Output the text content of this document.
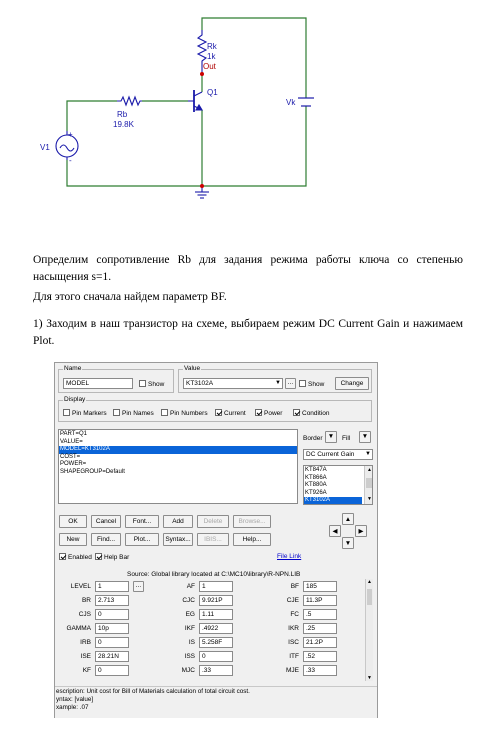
Rk
1k
Out
Q1
Rb
19.8K
V1
+
-
Vk
Определим сопротивление Rb для задания режима работы ключа со степенью насыщения s=1.
Для этого сначала найдем параметр BF.
1) Заходим в наш транзистор на схеме, выбираем режим DC Current Gain и нажимаем Plot.
Name
MODEL	Show
Value
KT3102A	▼	...	Show	Change
Display
Pin Markers	Pin Names	Pin Numbers	Current	Power	Condition
PART=Q1
VALUE=
MODEL=KT3102A
COST=
POWER=
SHAPEGROUP=Default
Border ▼	Fill	▼
DC Current Gain ▼
KT847A
KT866A
KT880A
KT926A
KT3102A
▲
▼
OK	Cancel	Font...	Add	Delete	Browse...
New	Find...	Plot...	Syntax...	IBIS...	Help...
▲
◀	▶
▼
Enabled	Help Bar	File Link
Source: Global library located at C:\MC10\library\R-NPN.LIB
LEVEL	1	...	AF	1	BF	185
BR	2.713	CJC	9.921P	CJE	11.3P
CJS	0	EG	1.11	FC	.5
GAMMA	10p	IKF	.4922	IKR	.25
IRB	0	IS	5.258F	ISC	21.2P
ISE	28.21N	ISS	0	ITF	.52
KF	0	MJC	.33	MJE	.33
▲
▼
escription: Unit cost for Bill of Materials calculation of total circuit cost.
yntax: [value]
xample: .07
